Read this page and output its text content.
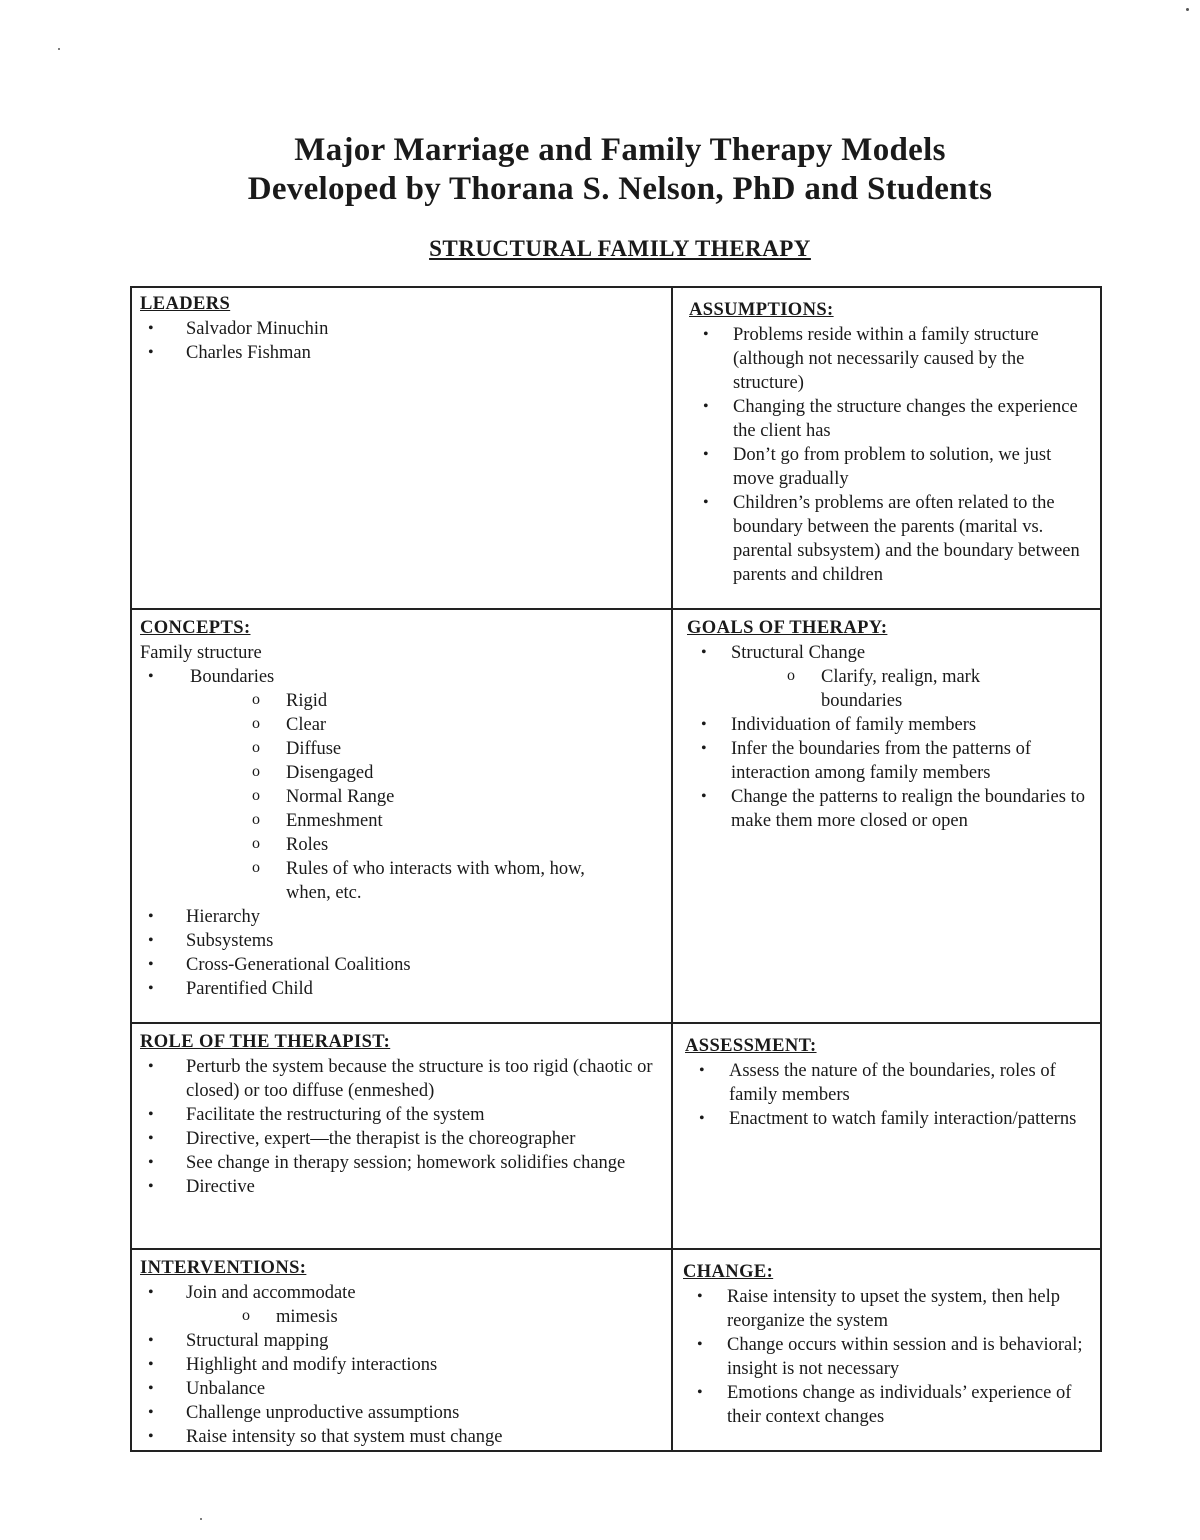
Major Marriage and Family Therapy Models
Developed by Thorana S. Nelson, PhD and Students
STRUCTURAL FAMILY THERAPY

LEADERS

• Salvador Minuchin
• Charles Fishman

ASSUMPTIONS:

• Problems reside within a family structure (although not necessarily caused by the structure)
• Changing the structure changes the experience the client has
• Don’t go from problem to solution, we just move gradually
• Children’s problems are often related to the boundary between the parents (marital vs. parental subsystem) and the boundary between parents and children

CONCEPTS:

Family structure

• Boundaries
o Rigid
o Clear
o Diffuse
o Disengaged
o Normal Range
o Enmeshment
o Roles
o Rules of who interacts with whom, how, when, etc.
• Hierarchy
• Subsystems
• Cross-Generational Coalitions
• Parentified Child

GOALS OF THERAPY:

• Structural Change
o Clarify, realign, mark boundaries
• Individuation of family members
• Infer the boundaries from the patterns of interaction among family members
• Change the patterns to realign the boundaries to make them more closed or open

ROLE OF THE THERAPIST:

• Perturb the system because the structure is too rigid (chaotic or closed) or too diffuse (enmeshed)
• Facilitate the restructuring of the system
• Directive, expert—the therapist is the choreographer
• See change in therapy session; homework solidifies change
• Directive

ASSESSMENT:

• Assess the nature of the boundaries, roles of family members
• Enactment to watch family interaction/patterns

INTERVENTIONS:

• Join and accommodate
o mimesis
• Structural mapping
• Highlight and modify interactions
• Unbalance
• Challenge unproductive assumptions
• Raise intensity so that system must change

CHANGE:

• Raise intensity to upset the system, then help reorganize the system
• Change occurs within session and is behavioral; insight is not necessary
• Emotions change as individuals’ experience of their context changes
